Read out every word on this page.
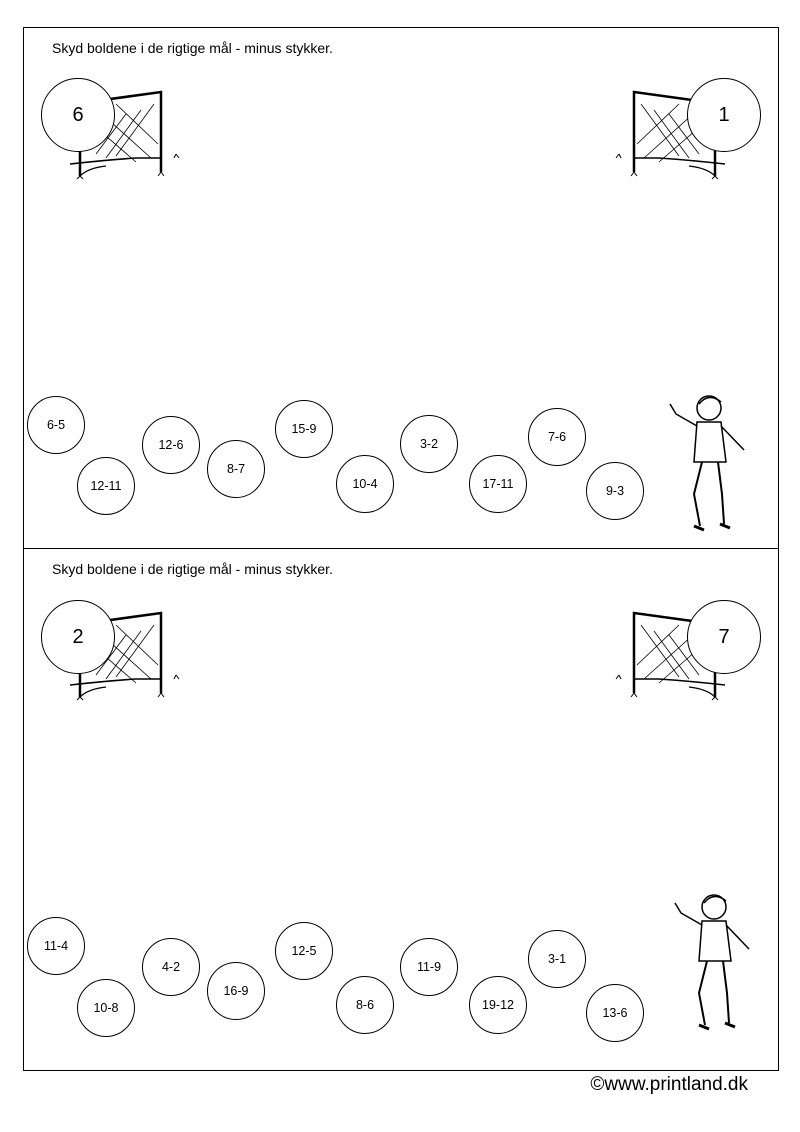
Skyd boldene i de rigtige mål - minus stykker.
6	1
6-5
12-11
12-6
8-7
15-9
10-4
3-2
17-11
7-6
9-3
Skyd boldene i de rigtige mål - minus stykker.
2	7
11-4
10-8
4-2
16-9
12-5
8-6
11-9
19-12
3-1
13-6
©www.printland.dk
